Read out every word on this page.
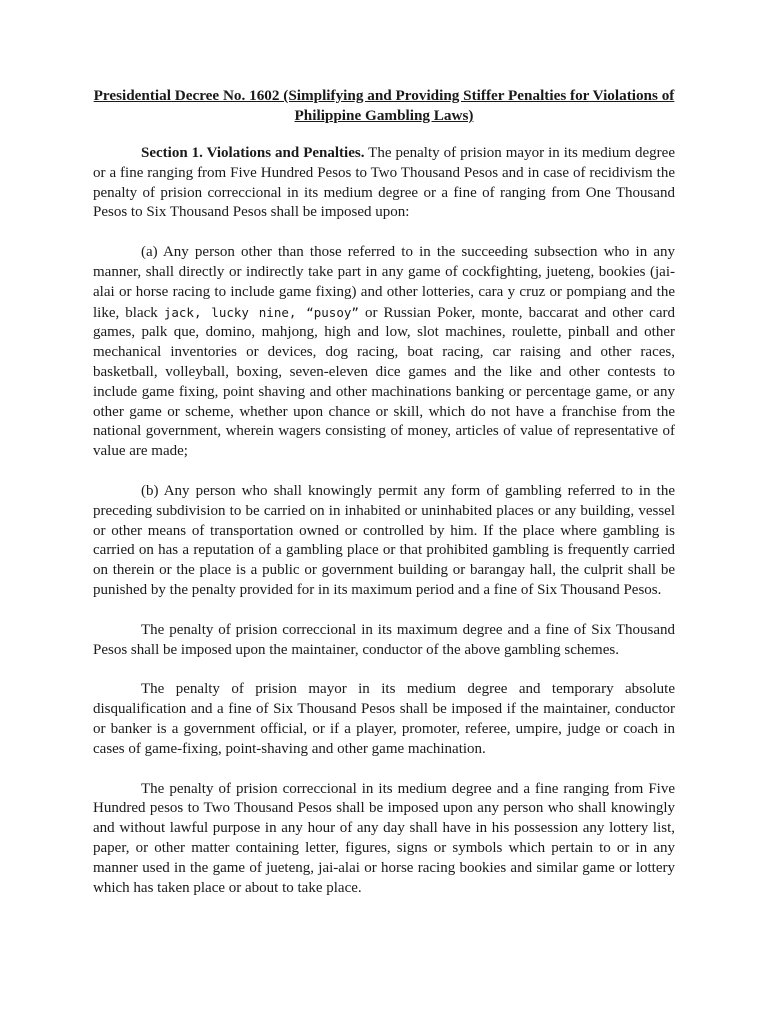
Presidential Decree No. 1602 (Simplifying and Providing Stiffer Penalties for Violations of Philippine Gambling Laws)

Section 1. Violations and Penalties. The penalty of prision mayor in its medium degree or a fine ranging from Five Hundred Pesos to Two Thousand Pesos and in case of recidivism the penalty of prision correccional in its medium degree or a fine of ranging from One Thousand Pesos to Six Thousand Pesos shall be imposed upon:

(a) Any person other than those referred to in the succeeding subsection who in any manner, shall directly or indirectly take part in any game of cockfighting, jueteng, bookies (jai- alai or horse racing to include game fixing) and other lotteries, cara y cruz or pompiang and the like, black jack, lucky nine, “pusoy” or Russian Poker, monte, baccarat and other card games, palk que, domino, mahjong, high and low, slot machines, roulette, pinball and other mechanical inventories or devices, dog racing, boat racing, car raising and other races, basketball, volleyball, boxing, seven-eleven dice games and the like and other contests to include game fixing, point shaving and other machinations banking or percentage game, or any other game or scheme, whether upon chance or skill, which do not have a franchise from the national government, wherein wagers consisting of money, articles of value of representative of value are made;

(b) Any person who shall knowingly permit any form of gambling referred to in the preceding subdivision to be carried on in inhabited or uninhabited places or any building, vessel or other means of transportation owned or controlled by him. If the place where gambling is carried on has a reputation of a gambling place or that prohibited gambling is frequently carried on therein or the place is a public or government building or barangay hall, the culprit shall be punished by the penalty provided for in its maximum period and a fine of Six Thousand Pesos.

The penalty of prision correccional in its maximum degree and a fine of Six Thousand Pesos shall be imposed upon the maintainer, conductor of the above gambling schemes.

The penalty of prision mayor in its medium degree and temporary absolute disqualification and a fine of Six Thousand Pesos shall be imposed if the maintainer, conductor or banker is a government official, or if a player, promoter, referee, umpire, judge or coach in cases of game-fixing, point-shaving and other game machination.

The penalty of prision correccional in its medium degree and a fine ranging from Five Hundred pesos to Two Thousand Pesos shall be imposed upon any person who shall knowingly and without lawful purpose in any hour of any day shall have in his possession any lottery list, paper, or other matter containing letter, figures, signs or symbols which pertain to or in any manner used in the game of jueteng, jai-alai or horse racing bookies and similar game or lottery which has taken place or about to take place.
